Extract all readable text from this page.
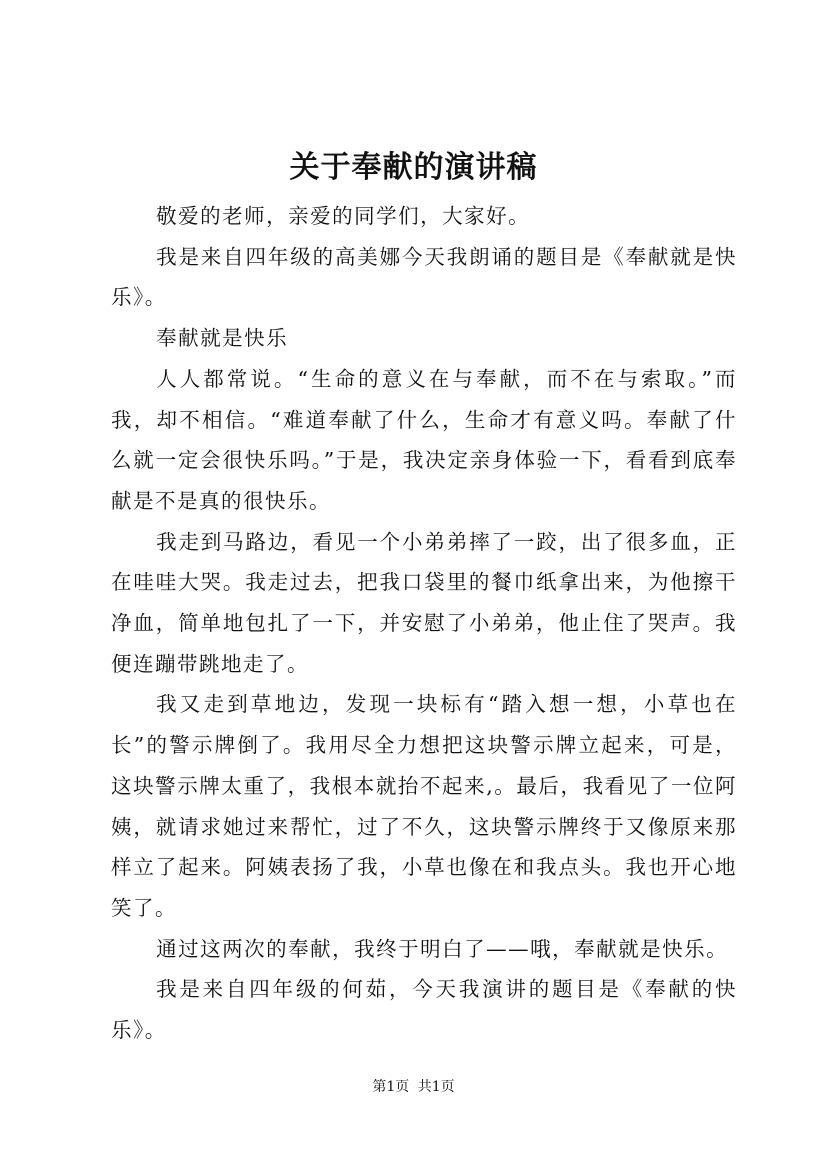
关于奉献的演讲稿

敬爱的老师，亲爱的同学们，大家好。

我是来自四年级的高美娜今天我朗诵的题目是《奉献就是快乐》。

奉献就是快乐

人人都常说。“生命的意义在与奉献，而不在与索取。”而我，却不相信。“难道奉献了什么，生命才有意义吗。奉献了什么就一定会很快乐吗。”于是，我决定亲身体验一下，看看到底奉献是不是真的很快乐。

我走到马路边，看见一个小弟弟摔了一跤，出了很多血，正在哇哇大哭。我走过去，把我口袋里的餐巾纸拿出来，为他擦干净血，简单地包扎了一下，并安慰了小弟弟，他止住了哭声。我便连蹦带跳地走了。

我又走到草地边，发现一块标有“踏入想一想，小草也在长”的警示牌倒了。我用尽全力想把这块警示牌立起来，可是，这块警示牌太重了，我根本就抬不起来,。最后，我看见了一位阿姨，就请求她过来帮忙，过了不久，这块警示牌终于又像原来那样立了起来。阿姨表扬了我，小草也像在和我点头。我也开心地笑了。

通过这两次的奉献，我终于明白了——哦，奉献就是快乐。

我是来自四年级的何茹，今天我演讲的题目是《奉献的快乐》。

第1页 共1页
